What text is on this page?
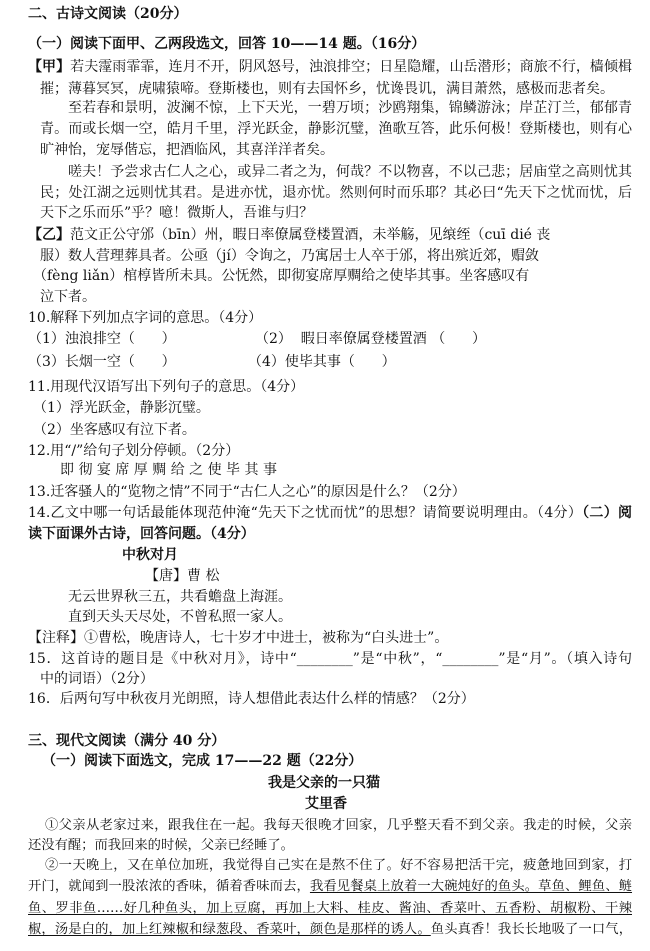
二、古诗文阅读（20分）
（一）阅读下面甲、乙两段选文，回答 10——14 题。（16分）
【甲】若夫霪雨霏霏，连月不开，阴风怒号，浊浪排空；日星隐耀，山岳潜形；商旅不行，樯倾楫
摧；薄暮冥冥，虎啸猿啼。登斯楼也，则有去国怀乡，忧谗畏讥，满目萧然，感极而悲者矣。
至若春和景明，波澜不惊，上下天光，一碧万顷；沙鸥翔集，锦鳞游泳；岸芷汀兰，郁郁青
青。而或长烟一空，皓月千里，浮光跃金，静影沉璧，渔歌互答，此乐何极！登斯楼也，则有心
旷神怡，宠辱偕忘，把酒临风，其喜洋洋者矣。
嗟夫！予尝求古仁人之心，或异二者之为，何哉？不以物喜，不以己悲；居庙堂之高则忧其
民；处江湖之远则忧其君。是进亦忧，退亦忧。然则何时而乐耶？其必曰“先天下之忧而忧，后
天下之乐而乐”乎？噫！微斯人，吾谁与归？
【乙】范文正公守邠（bīn）州，暇日率僚属登楼置酒，未举觞，见缞绖（cuī dié 丧
服）数人营理葬具者。公亟（jí）令询之，乃寓居士人卒于邠，将出殡近郊，赗敛
（fèng liǎn）棺椁皆所未具。公怃然，即彻宴席厚赒给之使毕其事。坐客感叹有
泣下者。
10.解释下列加点字词的意思。（4分）
（1）浊浪排空（      ）	（2）  暇日率僚属登楼置酒 （      ）
（3）长烟一空（      ）	（4）使毕其事（      ）
11.用现代汉语写出下列句子的意思。（4分）
（1）浮光跃金，静影沉璧。
（2）坐客感叹有泣下者。
12.用“/”给句子划分停顿。（2分）
即 彻 宴 席 厚 赒 给 之 使 毕 其 事
13.迁客骚人的“览物之情”不同于“古仁人之心”的原因是什么？（2分）
14.乙文中哪一句话最能体现范仲淹“先天下之忧而忧”的思想？请简要说明理由。（4分）（二）阅
读下面课外古诗，回答问题。（4分）
中秋对月
【唐】曹 松
无云世界秋三五，共看蟾盘上海涯。
直到天头天尽处，不曾私照一家人。
【注释】①曹松，晚唐诗人，七十岁才中进士，被称为“白头进士”。
15．这首诗的题目是《中秋对月》，诗中“________”是“中秋”，“________”是“月”。（填入诗句
中的词语）（2分）
16．后两句写中秋夜月光朗照，诗人想借此表达什么样的情感？（2分）
三、现代文阅读（满分 40 分）
（一）阅读下面选文，完成 17——22 题（22分）
我是父亲的一只猫
艾里香
①父亲从老家过来，跟我住在一起。我每天很晚才回家，几乎整天看不到父亲。我走的时候，父亲
还没有醒；而我回来的时候，父亲已经睡了。
②一天晚上，又在单位加班，我觉得自己实在是熬不住了。好不容易把活干完，疲惫地回到家，打
开门，就闻到一股浓浓的香味，循着香味而去，我看见餐桌上放着一大碗炖好的鱼头。草鱼、鲤鱼、鲢
鱼、罗非鱼……好几种鱼头，加上豆腐，再加上大料、桂皮、酱油、香菜叶、五香粉、胡椒粉、干辣
椒，汤是白的，加上红辣椒和绿葱段、香菜叶，颜色是那样的诱人。鱼头真香！我长长地吸了一口气，
